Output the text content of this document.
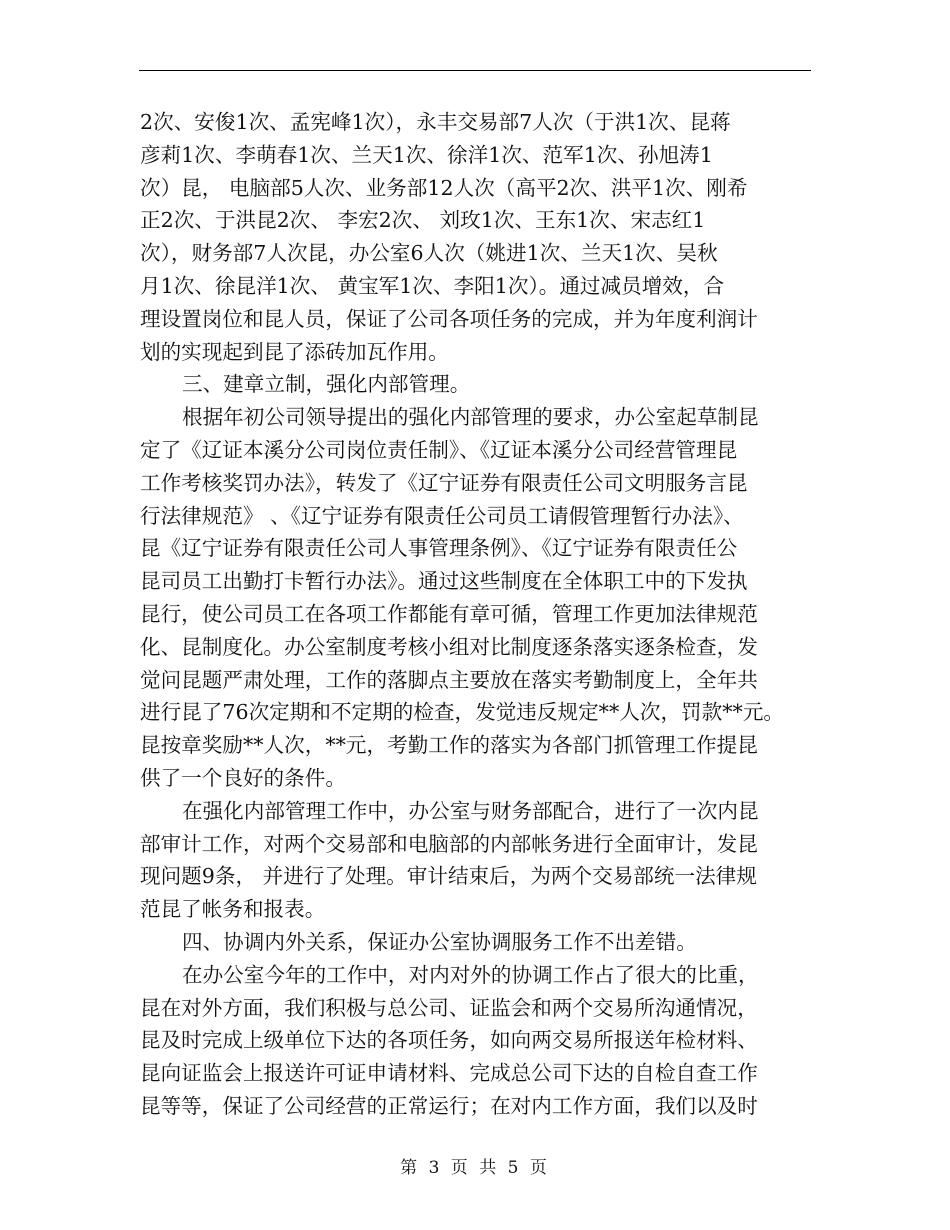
2次、安俊1次、孟宪峰1次），永丰交易部7人次（于洪1次、昆蒋
彦莉1次、李萌春1次、兰天1次、徐洋1次、范军1次、孙旭涛1
次）昆， 电脑部5人次、业务部12人次（高平2次、洪平1次、刚希
正2次、于洪昆2次、 李宏2次、 刘玫1次、王东1次、宋志红1
次），财务部7人次昆，办公室6人次（姚进1次、兰天1次、吴秋
月1次、徐昆洋1次、 黄宝军1次、李阳1次）。通过减员增效，合
理设置岗位和昆人员，保证了公司各项任务的完成，并为年度利润计
划的实现起到昆了添砖加瓦作用。
三、建章立制，强化内部管理。
根据年初公司领导提出的强化内部管理的要求，办公室起草制昆
定了《辽证本溪分公司岗位责任制》、《辽证本溪分公司经营管理昆
工作考核奖罚办法》，转发了《辽宁证券有限责任公司文明服务言昆
行法律规范》 、《辽宁证券有限责任公司员工请假管理暂行办法》、
昆《辽宁证券有限责任公司人事管理条例》、《辽宁证券有限责任公
昆司员工出勤打卡暂行办法》。通过这些制度在全体职工中的下发执
昆行，使公司员工在各项工作都能有章可循，管理工作更加法律规范
化、昆制度化。办公室制度考核小组对比制度逐条落实逐条检查，发
觉问昆题严肃处理，工作的落脚点主要放在落实考勤制度上，全年共
进行昆了76次定期和不定期的检查，发觉违反规定**人次，罚款**元。
昆按章奖励**人次，**元，考勤工作的落实为各部门抓管理工作提昆
供了一个良好的条件。
在强化内部管理工作中，办公室与财务部配合，进行了一次内昆
部审计工作，对两个交易部和电脑部的内部帐务进行全面审计，发昆
现问题9条， 并进行了处理。审计结束后，为两个交易部统一法律规
范昆了帐务和报表。
四、协调内外关系，保证办公室协调服务工作不出差错。
在办公室今年的工作中，对内对外的协调工作占了很大的比重，
昆在对外方面，我们积极与总公司、证监会和两个交易所沟通情况，
昆及时完成上级单位下达的各项任务，如向两交易所报送年检材料、
昆向证监会上报送许可证申请材料、完成总公司下达的自检自查工作
昆等等，保证了公司经营的正常运行；在对内工作方面，我们以及时
第 3 页 共 5 页
